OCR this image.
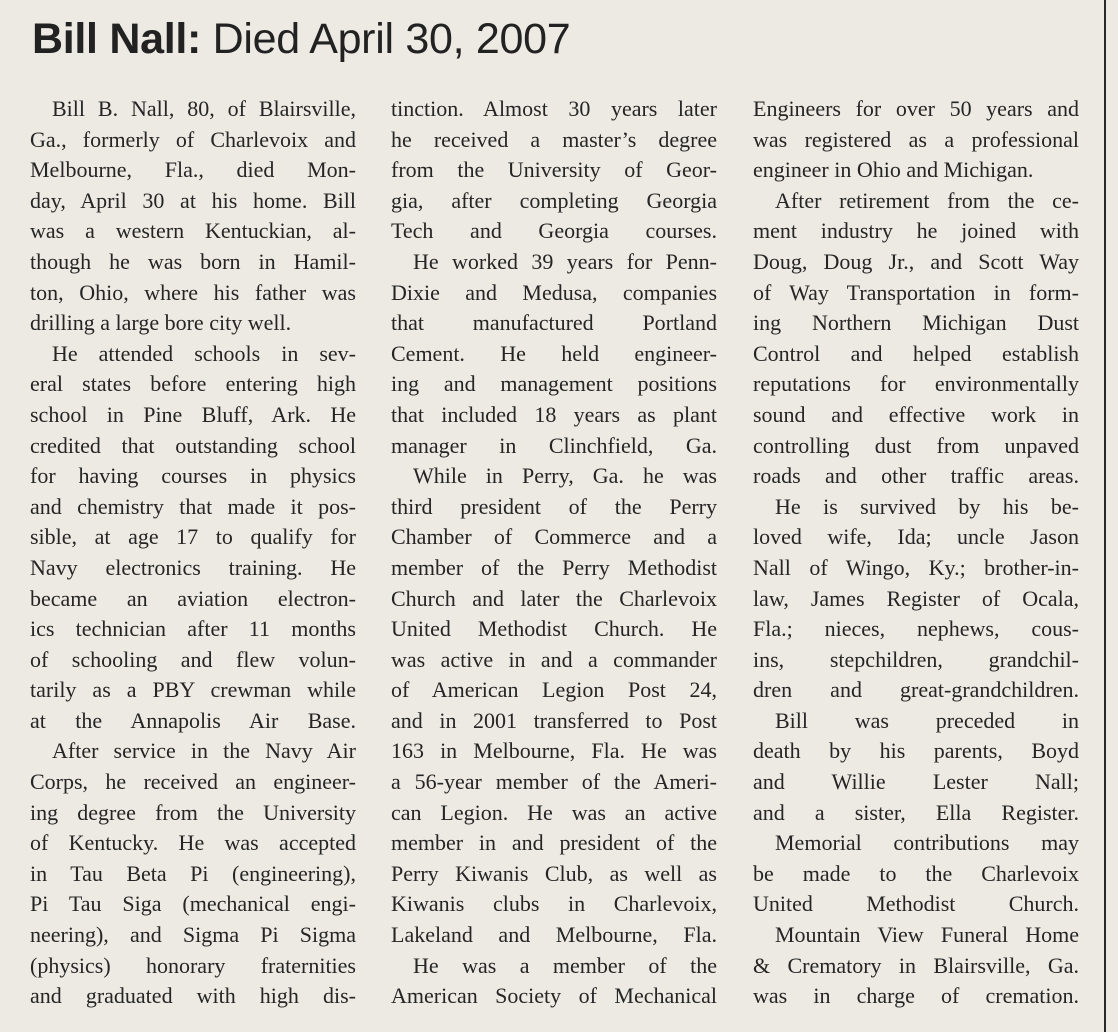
Bill Nall: Died April 30, 2007
Bill B. Nall, 80, of Blairsville,
Ga., formerly of Charlevoix and
Melbourne, Fla., died Mon-
day, April 30 at his home. Bill
was a western Kentuckian, al-
though he was born in Hamil-
ton, Ohio, where his father was
drilling a large bore city well.
He attended schools in sev-
eral states before entering high
school in Pine Bluff, Ark. He
credited that outstanding school
for having courses in physics
and chemistry that made it pos-
sible, at age 17 to qualify for
Navy electronics training. He
became an aviation electron-
ics technician after 11 months
of schooling and flew volun-
tarily as a PBY crewman while
at the Annapolis Air Base.
After service in the Navy Air
Corps, he received an engineer-
ing degree from the University
of Kentucky. He was accepted
in Tau Beta Pi (engineering),
Pi Tau Siga (mechanical engi-
neering), and Sigma Pi Sigma
(physics) honorary fraternities
and graduated with high dis-
tinction. Almost 30 years later
he received a master’s degree
from the University of Geor-
gia, after completing Georgia
Tech and Georgia courses.
He worked 39 years for Penn-
Dixie and Medusa, companies
that manufactured Portland
Cement. He held engineer-
ing and management positions
that included 18 years as plant
manager in Clinchfield, Ga.
While in Perry, Ga. he was
third president of the Perry
Chamber of Commerce and a
member of the Perry Methodist
Church and later the Charlevoix
United Methodist Church. He
was active in and a commander
of American Legion Post 24,
and in 2001 transferred to Post
163 in Melbourne, Fla. He was
a 56-year member of the Ameri-
can Legion. He was an active
member in and president of the
Perry Kiwanis Club, as well as
Kiwanis clubs in Charlevoix,
Lakeland and Melbourne, Fla.
He was a member of the
American Society of Mechanical
Engineers for over 50 years and
was registered as a professional
engineer in Ohio and Michigan.
After retirement from the ce-
ment industry he joined with
Doug, Doug Jr., and Scott Way
of Way Transportation in form-
ing Northern Michigan Dust
Control and helped establish
reputations for environmentally
sound and effective work in
controlling dust from unpaved
roads and other traffic areas.
He is survived by his be-
loved wife, Ida; uncle Jason
Nall of Wingo, Ky.; brother-in-
law, James Register of Ocala,
Fla.; nieces, nephews, cous-
ins, stepchildren, grandchil-
dren and great-grandchildren.
Bill was preceded in
death by his parents, Boyd
and Willie Lester Nall;
and a sister, Ella Register.
Memorial contributions may
be made to the Charlevoix
United Methodist Church.
Mountain View Funeral Home
& Crematory in Blairsville, Ga.
was in charge of cremation.
